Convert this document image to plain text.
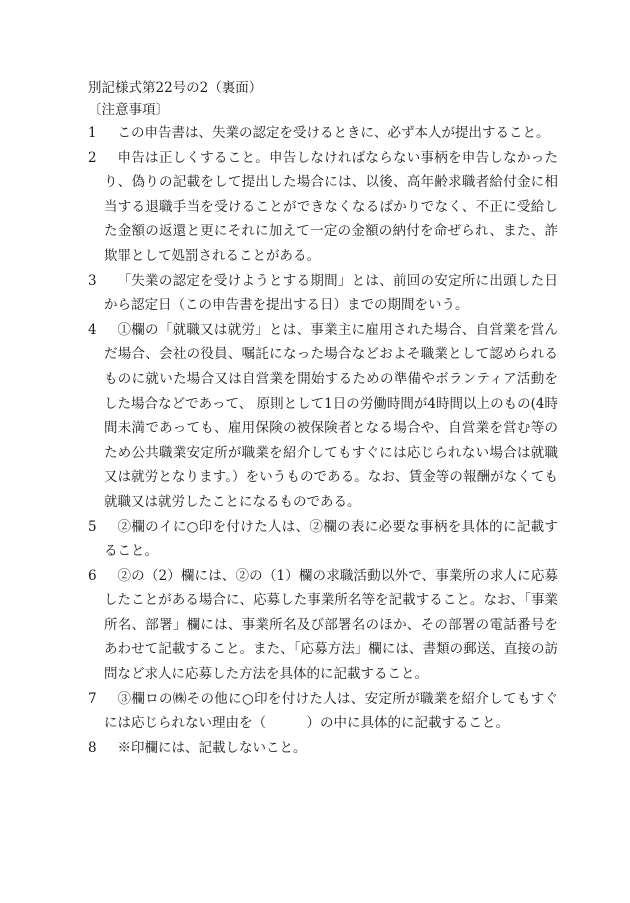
別記様式第22号の2（裏面）
〔注意事項〕
1	この申告書は、失業の認定を受けるときに、必ず本人が提出すること。
2	申告は正しくすること。申告しなければならない事柄を申告しなかったり、偽りの記載をして提出した場合には、以後、高年齢求職者給付金に相当する退職手当を受けることができなくなるばかりでなく、不正に受給した金額の返還と更にそれに加えて一定の金額の納付を命ぜられ、また、詐欺罪として処罰されることがある。
3	「失業の認定を受けようとする期間」とは、前回の安定所に出頭した日から認定日（この申告書を提出する日）までの期間をいう。
4	①欄の「就職又は就労」とは、事業主に雇用された場合、自営業を営んだ場合、会社の役員、嘱託になった場合などおよそ職業として認められるものに就いた場合又は自営業を開始するための準備やボランティア活動をした場合などであって、 原則として1日の労働時間が4時間以上のもの(4時間未満であっても、雇用保険の被保険者となる場合や、自営業を営む等のため公共職業安定所が職業を紹介してもすぐには応じられない場合は就職又は就労となります。）をいうものである。なお、賃金等の報酬がなくても就職又は就労したことになるものである。
5	②欄のイに○印を付けた人は、②欄の表に必要な事柄を具体的に記載すること。
6	②の（2）欄には、②の（1）欄の求職活動以外で、事業所の求人に応募したことがある場合に、応募した事業所名等を記載すること。なお、「事業所名、部署」欄には、事業所名及び部署名のほか、その部署の電話番号をあわせて記載すること。また、「応募方法」欄には、書類の郵送、直接の訪問など求人に応募した方法を具体的に記載すること。
7	③欄ロの㈱その他に○印を付けた人は、安定所が職業を紹介してもすぐには応じられない理由を（　　　）の中に具体的に記載すること。
8	※印欄には、記載しないこと。
